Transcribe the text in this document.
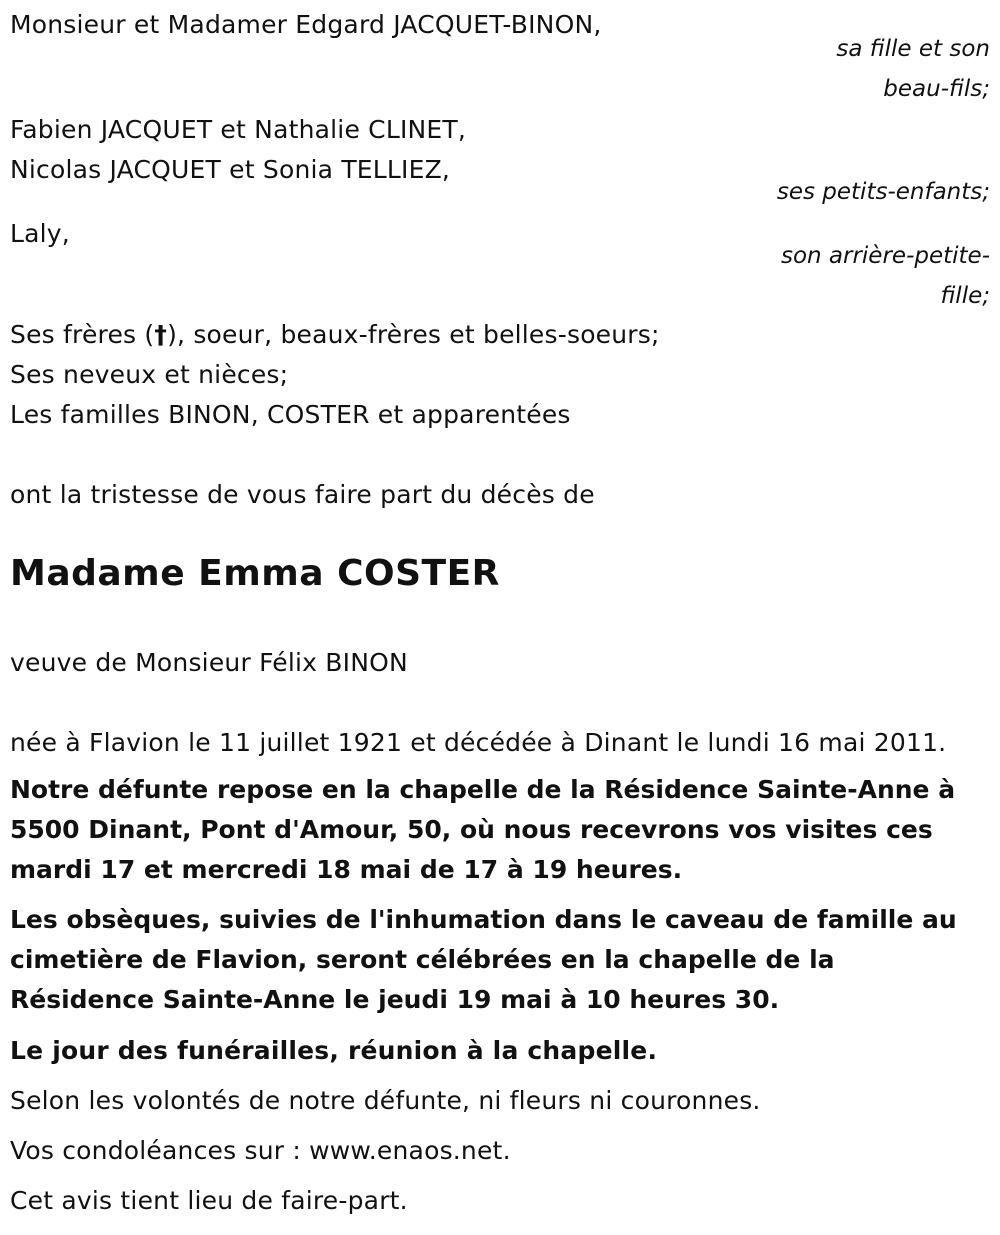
Monsieur et Madamer Edgard JACQUET-BINON,
sa fille et son
beau-fils;
Fabien JACQUET et Nathalie CLINET,
Nicolas JACQUET et Sonia TELLIEZ,
ses petits-enfants;
Laly,
son arrière-petite-
fille;
Ses frères (†), soeur, beaux-frères et belles-soeurs;
Ses neveux et nièces;
Les familles BINON, COSTER et apparentées
ont la tristesse de vous faire part du décès de
Madame Emma COSTER
veuve de Monsieur Félix BINON
née à Flavion le 11 juillet 1921 et décédée à Dinant le lundi 16 mai 2011.
Notre défunte repose en la chapelle de la Résidence Sainte-Anne à 5500 Dinant, Pont d'Amour, 50, où nous recevrons vos visites ces mardi 17 et mercredi 18 mai de 17 à 19 heures.
Les obsèques, suivies de l'inhumation dans le caveau de famille au cimetière de Flavion, seront célébrées en la chapelle de la Résidence Sainte-Anne le jeudi 19 mai à 10 heures 30.
Le jour des funérailles, réunion à la chapelle.
Selon les volontés de notre défunte, ni fleurs ni couronnes.
Vos condoléances sur : www.enaos.net.
Cet avis tient lieu de faire-part.
